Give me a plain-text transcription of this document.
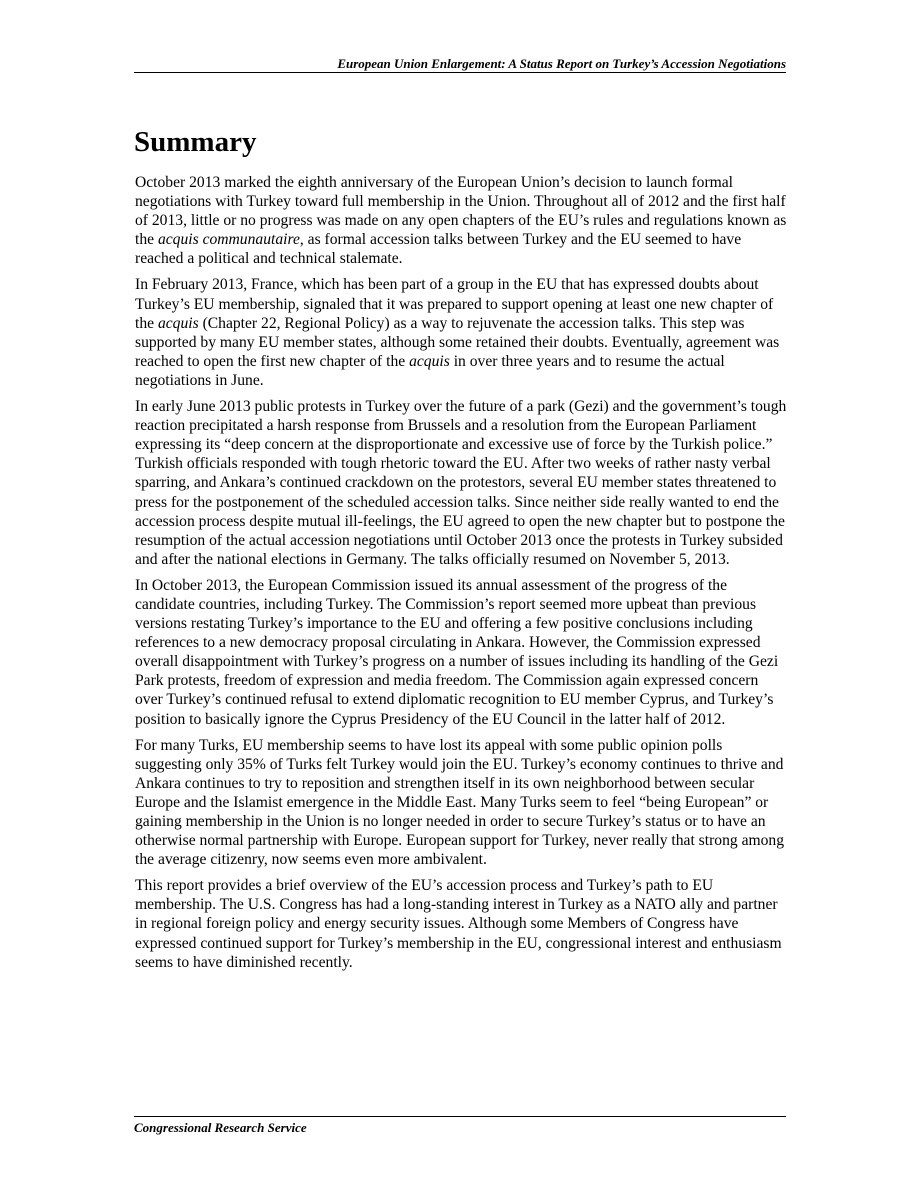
European Union Enlargement: A Status Report on Turkey’s Accession Negotiations
Summary

October 2013 marked the eighth anniversary of the European Union’s decision to launch formal negotiations with Turkey toward full membership in the Union. Throughout all of 2012 and the first half of 2013, little or no progress was made on any open chapters of the EU’s rules and regulations known as the acquis communautaire, as formal accession talks between Turkey and the EU seemed to have reached a political and technical stalemate.

In February 2013, France, which has been part of a group in the EU that has expressed doubts about Turkey’s EU membership, signaled that it was prepared to support opening at least one new chapter of the acquis (Chapter 22, Regional Policy) as a way to rejuvenate the accession talks. This step was supported by many EU member states, although some retained their doubts. Eventually, agreement was reached to open the first new chapter of the acquis in over three years and to resume the actual negotiations in June.

In early June 2013 public protests in Turkey over the future of a park (Gezi) and the government’s tough reaction precipitated a harsh response from Brussels and a resolution from the European Parliament expressing its “deep concern at the disproportionate and excessive use of force by the Turkish police.” Turkish officials responded with tough rhetoric toward the EU. After two weeks of rather nasty verbal sparring, and Ankara’s continued crackdown on the protestors, several EU member states threatened to press for the postponement of the scheduled accession talks. Since neither side really wanted to end the accession process despite mutual ill-feelings, the EU agreed to open the new chapter but to postpone the resumption of the actual accession negotiations until October 2013 once the protests in Turkey subsided and after the national elections in Germany. The talks officially resumed on November 5, 2013.

In October 2013, the European Commission issued its annual assessment of the progress of the candidate countries, including Turkey. The Commission’s report seemed more upbeat than previous versions restating Turkey’s importance to the EU and offering a few positive conclusions including references to a new democracy proposal circulating in Ankara. However, the Commission expressed overall disappointment with Turkey’s progress on a number of issues including its handling of the Gezi Park protests, freedom of expression and media freedom. The Commission again expressed concern over Turkey’s continued refusal to extend diplomatic recognition to EU member Cyprus, and Turkey’s position to basically ignore the Cyprus Presidency of the EU Council in the latter half of 2012.

For many Turks, EU membership seems to have lost its appeal with some public opinion polls suggesting only 35% of Turks felt Turkey would join the EU. Turkey’s economy continues to thrive and Ankara continues to try to reposition and strengthen itself in its own neighborhood between secular Europe and the Islamist emergence in the Middle East. Many Turks seem to feel “being European” or gaining membership in the Union is no longer needed in order to secure Turkey’s status or to have an otherwise normal partnership with Europe. European support for Turkey, never really that strong among the average citizenry, now seems even more ambivalent.

This report provides a brief overview of the EU’s accession process and Turkey’s path to EU membership. The U.S. Congress has had a long-standing interest in Turkey as a NATO ally and partner in regional foreign policy and energy security issues. Although some Members of Congress have expressed continued support for Turkey’s membership in the EU, congressional interest and enthusiasm seems to have diminished recently.

Congressional Research Service
